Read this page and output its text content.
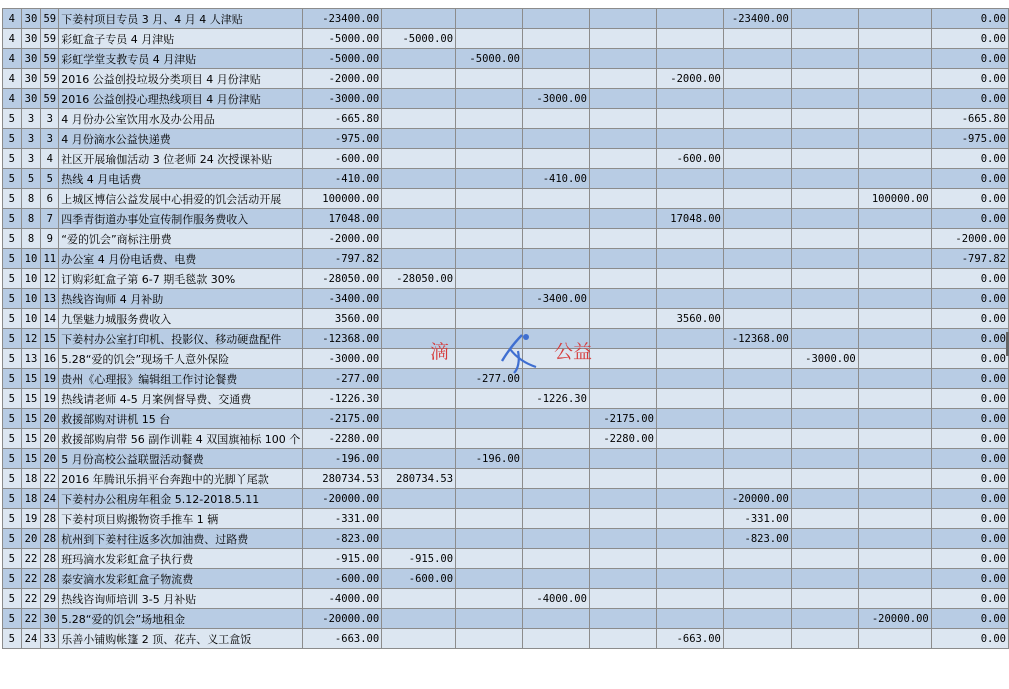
4	30	59	下姜村项目专员 3 月、4 月 4 人津贴	-23400.00						-23400.00			0.00
4	30	59	彩虹盒子专员 4 月津贴	-5000.00	-5000.00								0.00
4	30	59	彩虹学堂支教专员 4 月津贴	-5000.00		-5000.00							0.00
4	30	59	2016 公益创投垃圾分类项目 4 月份津贴	-2000.00					-2000.00				0.00
4	30	59	2016 公益创投心理热线项目 4 月份津贴	-3000.00			-3000.00						0.00
5	3	3	4 月份办公室饮用水及办公用品	-665.80									-665.80
5	3	3	4 月份滴水公益快递费	-975.00									-975.00
5	3	4	社区开展瑜伽活动 3 位老师 24 次授课补贴	-600.00					-600.00				0.00
5	5	5	热线 4 月电话费	-410.00			-410.00						0.00
5	8	6	上城区博信公益发展中心捐爱的饥会活动开展	100000.00								100000.00	0.00
5	8	7	四季青街道办事处宣传制作服务费收入	17048.00					17048.00				0.00
5	8	9	“爱的饥会”商标注册费	-2000.00									-2000.00
5	10	11	办公室 4 月份电话费、电费	-797.82									-797.82
5	10	12	订购彩虹盒子第 6-7 期毛毯款 30%	-28050.00	-28050.00								0.00
5	10	13	热线咨询师 4 月补助	-3400.00			-3400.00						0.00
5	10	14	九堡魅力城服务费收入	3560.00					3560.00				0.00
5	12	15	下姜村办公室打印机、投影仪、移动硬盘配件	-12368.00						-12368.00			0.00
5	13	16	5.28“爱的饥会”现场千人意外保险	-3000.00							-3000.00		0.00
5	15	19	贵州《心理报》编辑组工作讨论餐费	-277.00		-277.00							0.00
5	15	19	热线请老师 4-5 月案例督导费、交通费	-1226.30			-1226.30						0.00
5	15	20	救援部购对讲机 15 台	-2175.00				-2175.00					0.00
5	15	20	救援部购肩带 56 副作训鞋 4 双国旗袖标 100 个	-2280.00				-2280.00					0.00
5	15	20	5 月份高校公益联盟活动餐费	-196.00		-196.00							0.00
5	18	22	2016 年腾讯乐捐平台奔跑中的光脚丫尾款	280734.53	280734.53								0.00
5	18	24	下姜村办公租房年租金 5.12-2018.5.11	-20000.00						-20000.00			0.00
5	19	28	下姜村项目购搬物资手推车 1 辆	-331.00						-331.00			0.00
5	20	28	杭州到下姜村往返多次加油费、过路费	-823.00						-823.00			0.00
5	22	28	班玛滴水发彩虹盒子执行费	-915.00	-915.00								0.00
5	22	28	泰安滴水发彩虹盒子物流费	-600.00	-600.00								0.00
5	22	29	热线咨询师培训 3-5 月补贴	-4000.00			-4000.00						0.00
5	22	30	5.28“爱的饥会”场地租金	-20000.00								-20000.00	0.00
5	24	33	乐善小铺购帐篷 2 顶、花卉、义工盒饭	-663.00					-663.00				0.00
滴	公益
